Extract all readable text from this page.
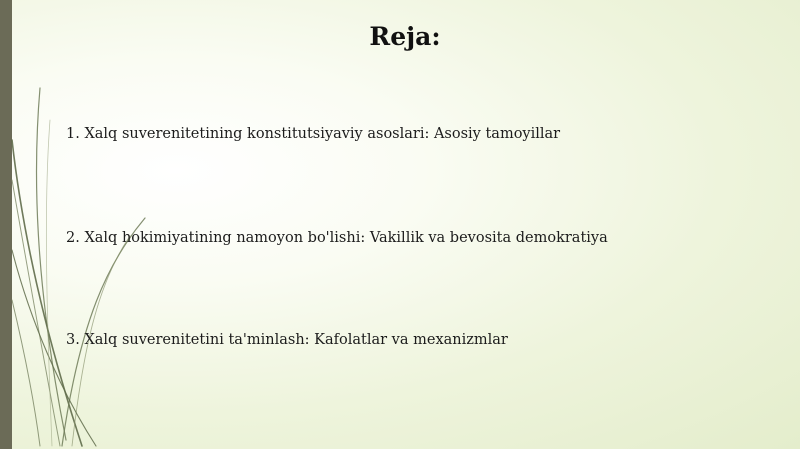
Reja:
1. Xalq suverenitetining konstitutsiyaviy asoslari: Asosiy tamoyillar
2. Xalq hokimiyatining namoyon bo'lishi: Vakillik va bevosita demokratiya
3. Xalq suverenitetini ta'minlash: Kafolatlar va mexanizmlar
